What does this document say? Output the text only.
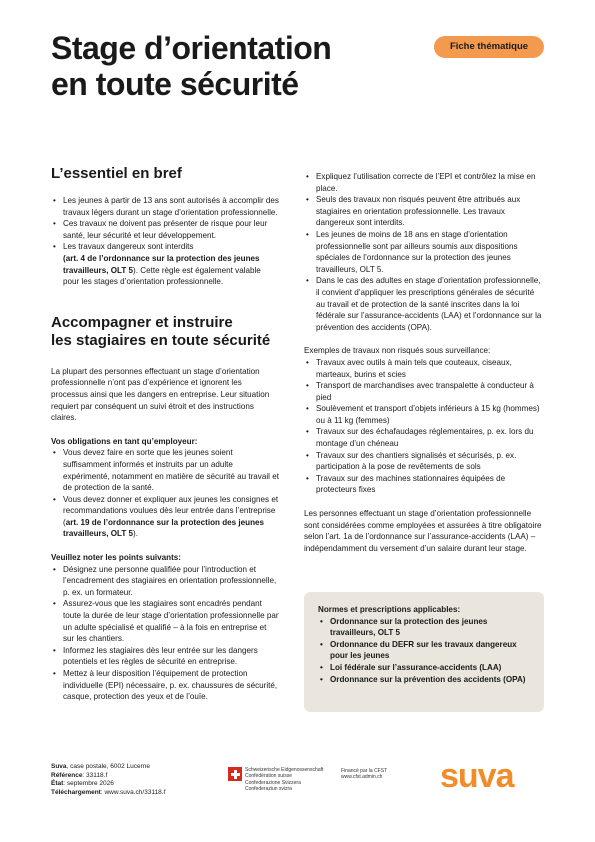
Stage d’orientation
en toute sécurité
Fiche thématique
L’essentiel en bref
• Les jeunes à partir de 13 ans sont autorisés à accomplir des travaux légers durant un stage d’orientation professionnelle.
• Ces travaux ne doivent pas présenter de risque pour leur santé, leur sécurité et leur développement.
• Les travaux dangereux sont interdits
(art. 4 de l’ordonnance sur la protection des jeunes travailleurs, OLT 5). Cette règle est également valable pour les stages d’orientation professionnelle.
Accompagner et instruire
les stagiaires en toute sécurité

La plupart des personnes effectuant un stage d’orientation professionnelle n’ont pas d’expérience et ignorent les processus ainsi que les dangers en entreprise. Leur situation requiert par conséquent un suivi étroit et des instructions claires.

Vos obligations en tant qu’employeur:

• Vous devez faire en sorte que les jeunes soient suffisamment informés et instruits par un adulte expérimenté, notamment en matière de sécurité au travail et de protection de la santé.
• Vous devez donner et expliquer aux jeunes les consignes et recommandations voulues dès leur entrée dans l’entreprise (art. 19 de l’ordonnance sur la protection des jeunes travailleurs, OLT 5).

Veuillez noter les points suivants:

• Désignez une personne qualifiée pour l’introduction et l’encadrement des stagiaires en orientation professionnelle, p. ex. un formateur.
• Assurez-vous que les stagiaires sont encadrés pendant toute la durée de leur stage d’orientation professionnelle par un adulte spécialisé et qualifié – à la fois en entreprise et sur les chantiers.
• Informez les stagiaires dès leur entrée sur les dangers potentiels et les règles de sécurité en entreprise.
• Mettez à leur disposition l’équipement de protection individuelle (EPI) nécessaire, p. ex. chaussures de sécurité, casque, protection des yeux et de l’ouïe.
• Expliquez l’utilisation correcte de l’EPI et contrôlez la mise en place.
• Seuls des travaux non risqués peuvent être attribués aux stagiaires en orientation professionnelle. Les travaux dangereux sont interdits.
• Les jeunes de moins de 18 ans en stage d’orientation professionnelle sont par ailleurs soumis aux dispositions spéciales de l’ordonnance sur la protection des jeunes travailleurs, OLT 5.
• Dans le cas des adultes en stage d’orientation professionnelle, il convient d’appliquer les prescriptions générales de sécurité au travail et de protection de la santé inscrites dans la loi fédérale sur l’assurance-accidents (LAA) et l’ordonnance sur la prévention des accidents (OPA).

Exemples de travaux non risqués sous surveillance:

• Travaux avec outils à main tels que couteaux, ciseaux, marteaux, burins et scies
• Transport de marchandises avec transpalette à conducteur à pied
• Soulèvement et transport d’objets inférieurs à 15 kg (hommes) ou à 11 kg (femmes)
• Travaux sur des échafaudages réglementaires, p. ex. lors du montage d’un chéneau
• Travaux sur des chantiers signalisés et sécurisés, p. ex. participation à la pose de revêtements de sols
• Travaux sur des machines stationnaires équipées de protecteurs fixes

Les personnes effectuant un stage d’orientation professionnelle sont considérées comme employées et assurées à titre obligatoire selon l’art. 1a de l’ordonnance sur l’assurance-accidents (LAA) – indépendamment du versement d’un salaire durant leur stage.

Normes et prescriptions applicables:

• Ordonnance sur la protection des jeunes travailleurs, OLT 5
• Ordonnance du DEFR sur les travaux dangereux pour les jeunes
• Loi fédérale sur l’assurance-accidents (LAA)
• Ordonnance sur la prévention des accidents (OPA)

Suva, case postale, 6002 Lucerne

Référence: 33118.f

État: septembre 2026

Téléchargement: www.suva.ch/33118.f

Schweizerische Eidgenossenschaft

Confédération suisse

Confederazione Svizzera

Confederaziun svizra

Financé par la CFST

www.cfst.admin.ch	suva
